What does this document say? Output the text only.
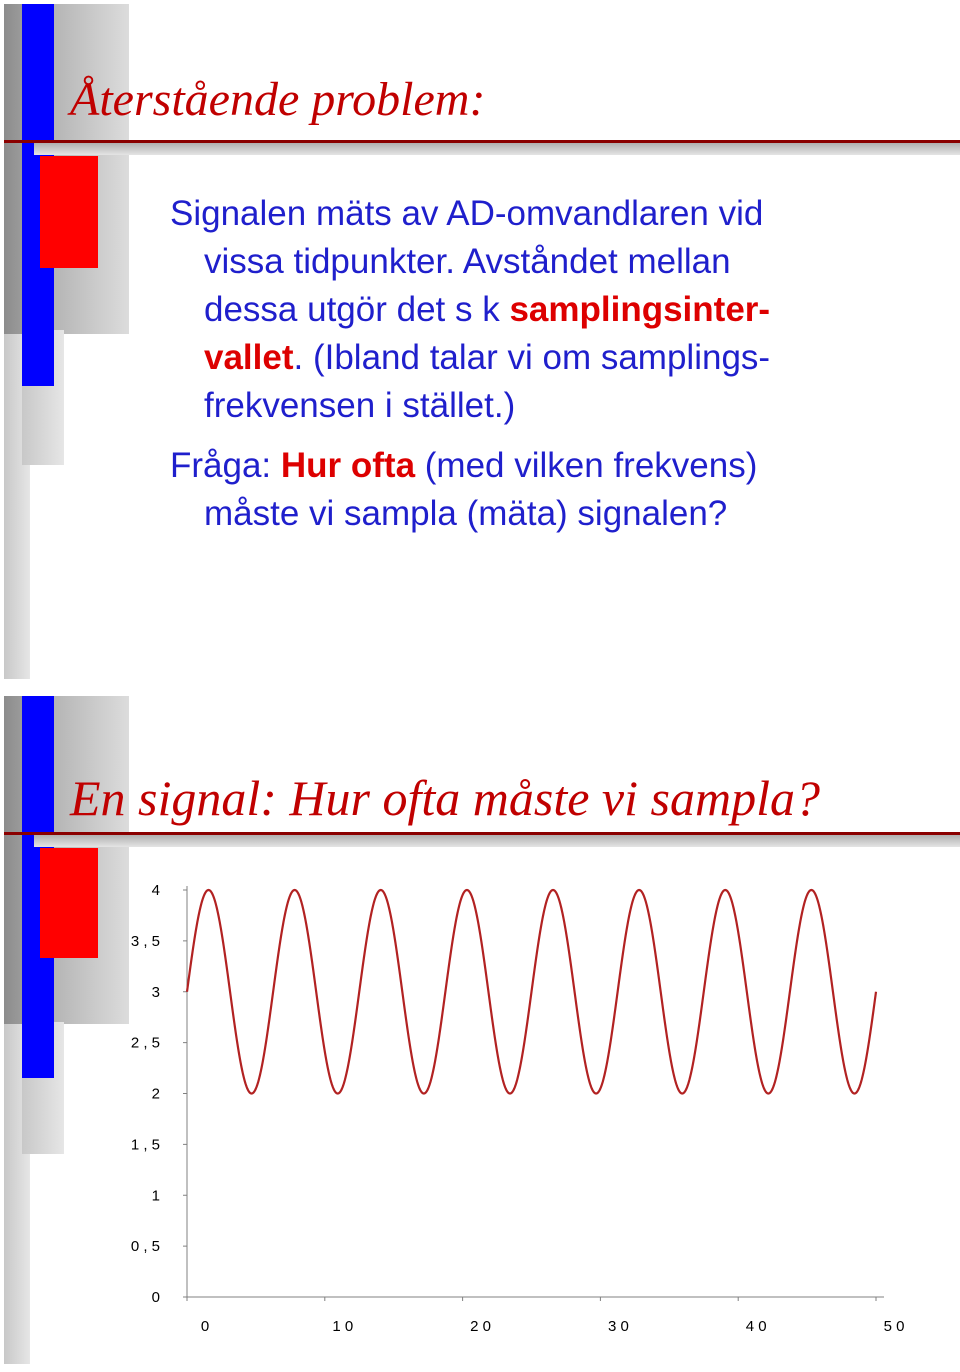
Återstående problem:
Signalen mäts av AD-omvandlaren vid
vissa tidpunkter. Avståndet mellan
dessa utgör det s k samplingsinter-
vallet. (Ibland talar vi om samplings-
frekvensen i stället.)
Fråga: Hur ofta (med vilken frekvens)
måste vi sampla (mäta) signalen?
En signal: Hur ofta måste vi sampla?
0
0 , 5
1
1 , 5
2
2 , 5
3
3 , 5
4
0	1 0	2 0	3 0	4 0	5 0
